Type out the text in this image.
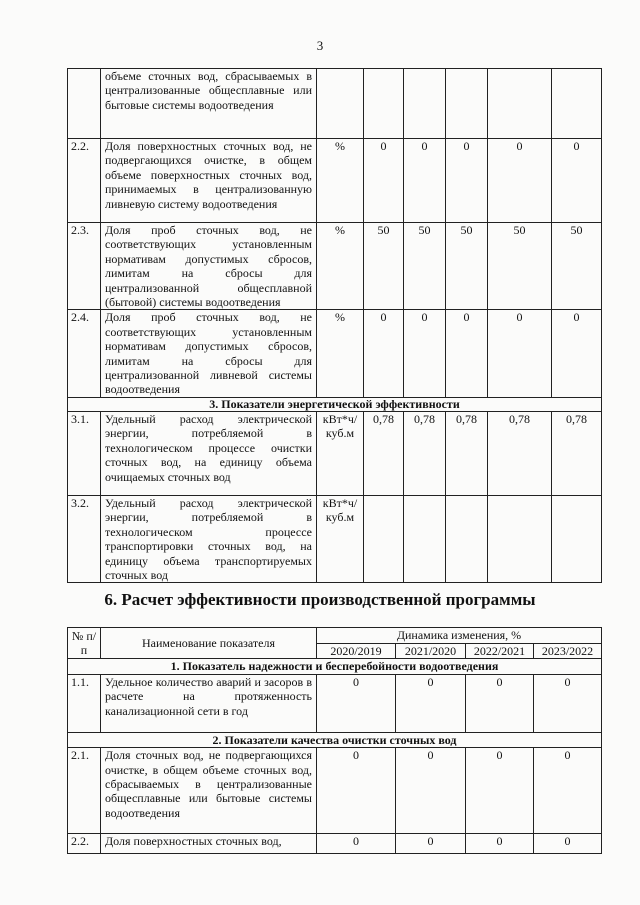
3
	объеме сточных вод, сбрасываемых в централизованные общесплавные или бытовые системы водоотведения						
2.2.	Доля поверхностных сточных вод, не подвергающихся очистке, в общем объеме поверхностных сточных вод, принимаемых в централизованную ливневую систему водоотведения	%	0	0	0	0	0
2.3.	Доля проб сточных вод, не соответствующих установленным нормативам допустимых сбросов, лимитам на сбросы для централизованной общесплавной (бытовой) системы водоотведения	%	50	50	50	50	50
2.4.	Доля проб сточных вод, не соответствующих установленным нормативам допустимых сбросов, лимитам на сбросы для централизованной ливневой системы водоотведения	%	0	0	0	0	0
3. Показатели энергетической эффективности							
3.1.	Удельный расход электрической энергии, потребляемой в технологическом процессе очистки сточных вод, на единицу объема очищаемых сточных вод	кВт*ч/ куб.м	0,78	0,78	0,78	0,78	0,78
3.2.	Удельный расход электрической энергии, потребляемой в технологическом процессе транспортировки сточных вод, на единицу объема транспортируемых сточных вод	кВт*ч/ куб.м					
6. Расчет эффективности производственной программы
№ п/п	Наименование показателя	Динамика изменения, %			
		2020/2019	2021/2020	2022/2021	2023/2022
1. Показатель надежности и бесперебойности водоотведения					
1.1.	Удельное количество аварий и засоров в расчете на протяженность канализационной сети в год	0	0	0	0
2. Показатели качества очистки сточных вод					
2.1.	Доля сточных вод, не подвергающихся очистке, в общем объеме сточных вод, сбрасываемых в централизованные общесплавные или бытовые системы водоотведения	0	0	0	0
2.2.	Доля поверхностных сточных вод,	0	0	0	0
